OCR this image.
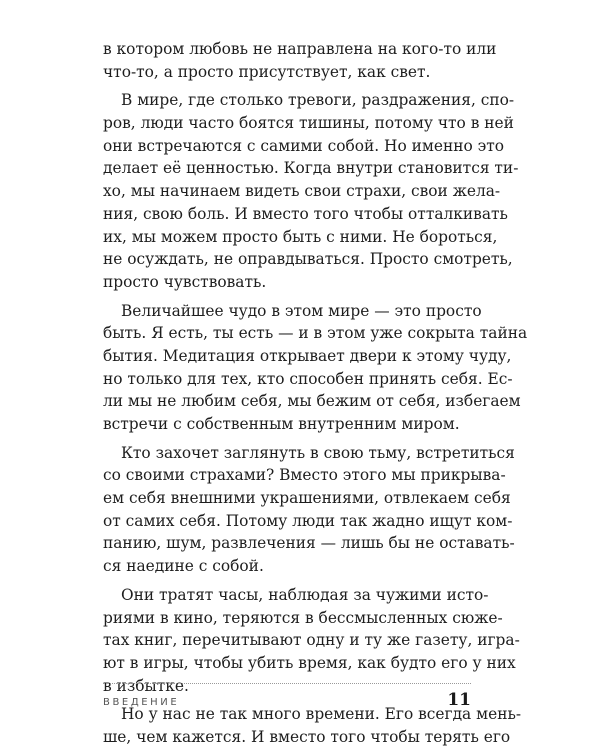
в котором любовь не направлена на кого-то или
что-то, а просто присутствует, как свет.
В мире, где столько тревоги, раздражения, спо-
ров, люди часто боятся тишины, потому что в ней
они встречаются с самими собой. Но именно это
делает её ценностью. Когда внутри становится ти-
хо, мы начинаем видеть свои страхи, свои жела-
ния, свою боль. И вместо того чтобы отталкивать
их, мы можем просто быть с ними. Не бороться,
не осуждать, не оправдываться. Просто смотреть,
просто чувствовать.
Величайшее чудо в этом мире — это просто
быть. Я есть, ты есть — и в этом уже сокрыта тайна
бытия. Медитация открывает двери к этому чуду,
но только для тех, кто способен принять себя. Ес-
ли мы не любим себя, мы бежим от себя, избегаем
встречи с собственным внутренним миром.
Кто захочет заглянуть в свою тьму, встретиться
со своими страхами? Вместо этого мы прикрыва-
ем себя внешними украшениями, отвлекаем себя
от самих себя. Потому люди так жадно ищут ком-
панию, шум, развлечения — лишь бы не оставать-
ся наедине с собой.
Они тратят часы, наблюдая за чужими исто-
риями в кино, теряются в бессмысленных сюже-
тах книг, перечитывают одну и ту же газету, игра-
ют в игры, чтобы убить время, как будто его у них
в избытке.
Но у нас не так много времени. Его всегда мень-
ше, чем кажется. И вместо того чтобы терять его
ВВЕДЕНИЕ	11
